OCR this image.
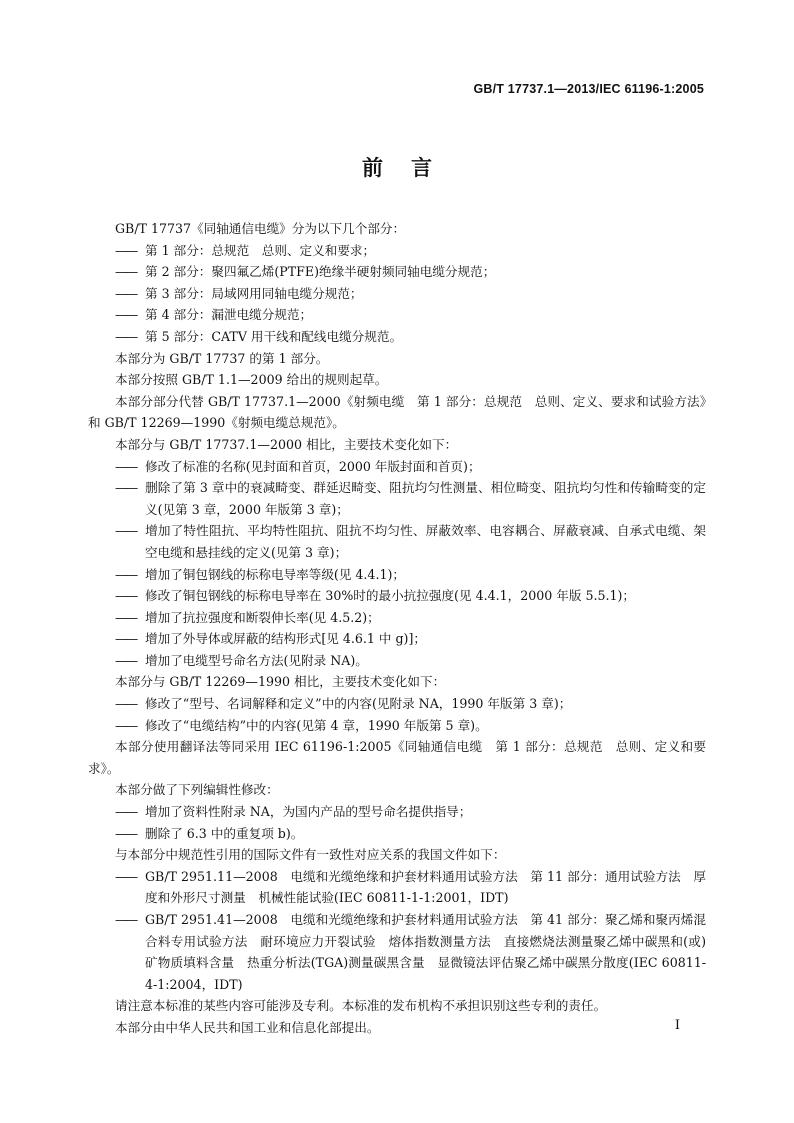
GB/T 17737.1—2013/IEC 61196-1:2005
前言

GB/T 17737《同轴通信电缆》分为以下几个部分：

——第 1 部分：总规范　总则、定义和要求；

——第 2 部分：聚四氟乙烯(PTFE)绝缘半硬射频同轴电缆分规范；

——第 3 部分：局域网用同轴电缆分规范；

——第 4 部分：漏泄电缆分规范；

——第 5 部分：CATV 用干线和配线电缆分规范。

本部分为 GB/T 17737 的第 1 部分。

本部分按照 GB/T 1.1—2009 给出的规则起草。

本部分部分代替 GB/T 17737.1—2000《射频电缆　第 1 部分：总规范　总则、定义、要求和试验方法》和 GB/T 12269—1990《射频电缆总规范》。

本部分与 GB/T 17737.1—2000 相比，主要技术变化如下：

——修改了标准的名称(见封面和首页，2000 年版封面和首页)；

——删除了第 3 章中的衰减畸变、群延迟畸变、阻抗均匀性测量、相位畸变、阻抗均匀性和传输畸变的定义(见第 3 章，2000 年版第 3 章)；

——增加了特性阻抗、平均特性阻抗、阻抗不均匀性、屏蔽效率、电容耦合、屏蔽衰减、自承式电缆、架空电缆和悬挂线的定义(见第 3 章)；

——增加了铜包钢线的标称电导率等级(见 4.4.1)；

——修改了铜包钢线的标称电导率在 30%时的最小抗拉强度(见 4.4.1，2000 年版 5.5.1)；

——增加了抗拉强度和断裂伸长率(见 4.5.2)；

——增加了外导体或屏蔽的结构形式[见 4.6.1 中 g)]；

——增加了电缆型号命名方法(见附录 NA)。

本部分与 GB/T 12269—1990 相比，主要技术变化如下：

——修改了“型号、名词解释和定义”中的内容(见附录 NA，1990 年版第 3 章)；

——修改了“电缆结构”中的内容(见第 4 章，1990 年版第 5 章)。

本部分使用翻译法等同采用 IEC 61196-1:2005《同轴通信电缆　第 1 部分：总规范　总则、定义和要求》。

本部分做了下列编辑性修改：

——增加了资料性附录 NA，为国内产品的型号命名提供指导；

——删除了 6.3 中的重复项 b)。

与本部分中规范性引用的国际文件有一致性对应关系的我国文件如下：

——GB/T 2951.11—2008　电缆和光缆绝缘和护套材料通用试验方法　第 11 部分：通用试验方法　厚度和外形尺寸测量　机械性能试验(IEC 60811-1-1:2001，IDT)

——GB/T 2951.41—2008　电缆和光缆绝缘和护套材料通用试验方法　第 41 部分：聚乙烯和聚丙烯混合料专用试验方法　耐环境应力开裂试验　熔体指数测量方法　直接燃烧法测量聚乙烯中碳黑和(或)矿物质填料含量　热重分析法(TGA)测量碳黑含量　显微镜法评估聚乙烯中碳黑分散度(IEC 60811-4-1:2004，IDT)

请注意本标准的某些内容可能涉及专利。本标准的发布机构不承担识别这些专利的责任。

本部分由中华人民共和国工业和信息化部提出。	I
